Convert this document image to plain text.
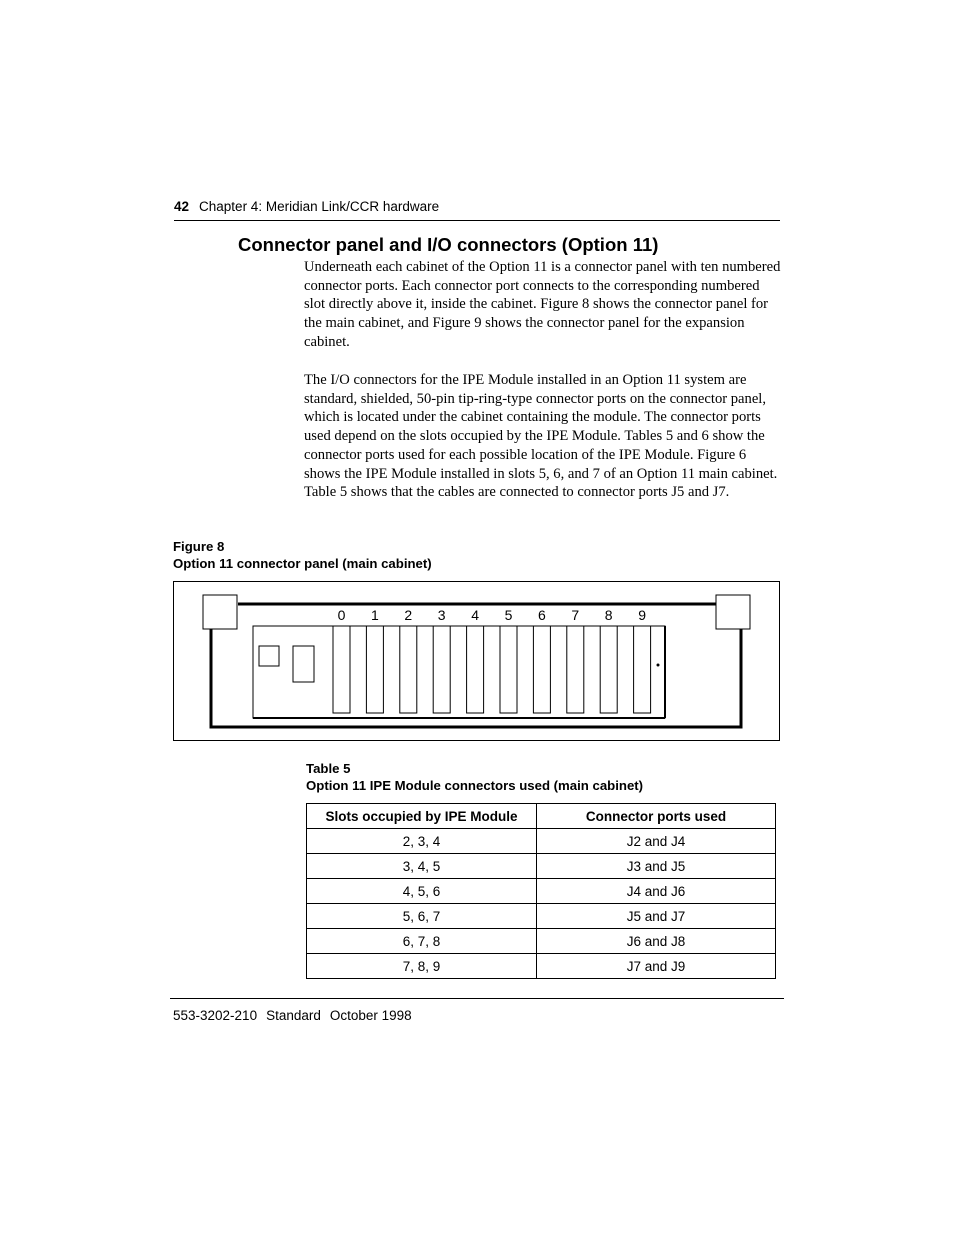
42 Chapter 4: Meridian Link/CCR hardware
Connector panel and I/O connectors (Option 11)
Underneath each cabinet of the Option 11 is a connector panel with ten numbered connector ports. Each connector port connects to the corresponding numbered slot directly above it, inside the cabinet. Figure 8 shows the connector panel for the main cabinet, and Figure 9 shows the connector panel for the expansion cabinet.
The I/O connectors for the IPE Module installed in an Option 11 system are standard, shielded, 50-pin tip-ring-type connector ports on the connector panel, which is located under the cabinet containing the module. The connector ports used depend on the slots occupied by the IPE Module. Tables 5 and 6 show the connector ports used for each possible location of the IPE Module. Figure 6 shows the IPE Module installed in slots 5, 6, and 7 of an Option 11 main cabinet. Table 5 shows that the cables are connected to connector ports J5 and J7.
Figure 8
Option 11 connector panel (main cabinet)
0 1 2 3 4 5 6 7 8 9
Table 5
Option 11 IPE Module connectors used (main cabinet)
Slots occupied by IPE Module	Connector ports used
2, 3, 4	J2 and J4
3, 4, 5	J3 and J5
4, 5, 6	J4 and J6
5, 6, 7	J5 and J7
6, 7, 8	J6 and J8
7, 8, 9	J7 and J9
553-3202-210 Standard October 1998
